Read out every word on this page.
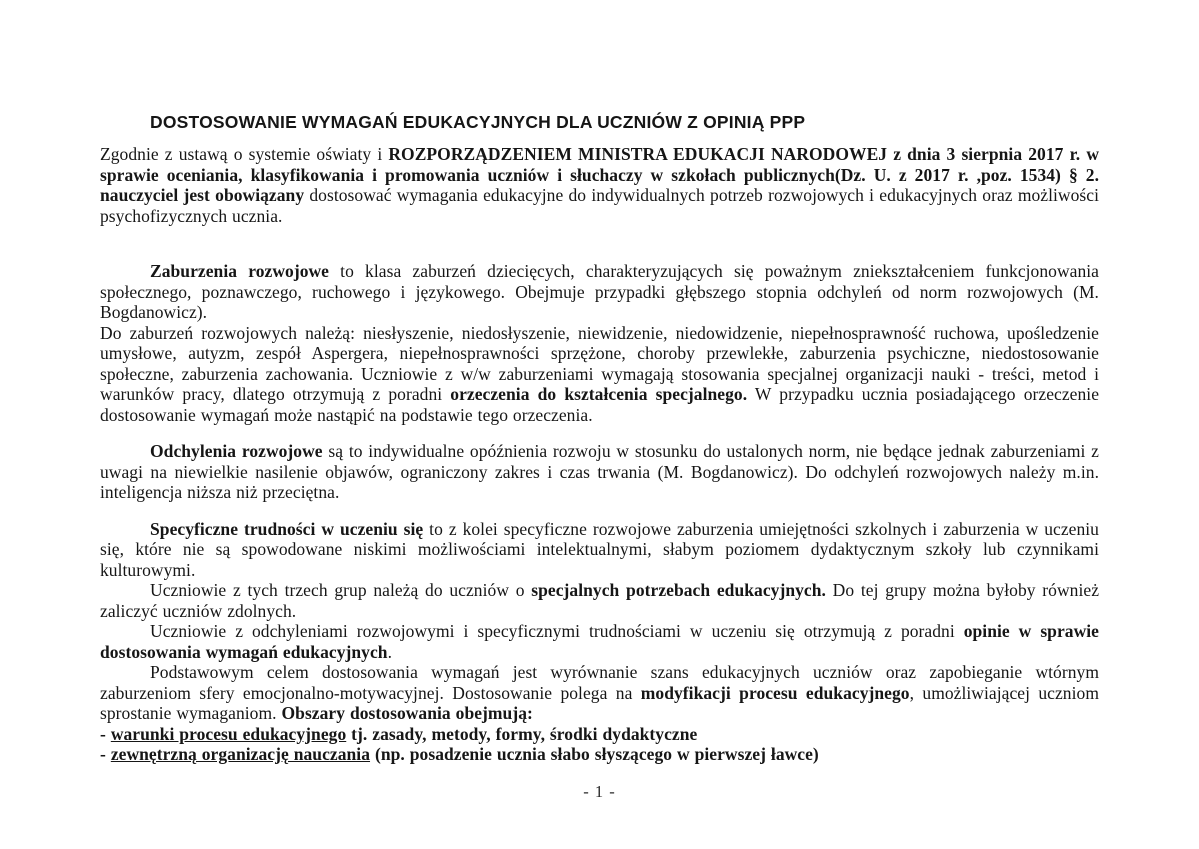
DOSTOSOWANIE WYMAGAŃ EDUKACYJNYCH DLA UCZNIÓW Z OPINIĄ PPP

Zgodnie z ustawą o systemie oświaty i ROZPORZĄDZENIEM MINISTRA EDUKACJI NARODOWEJ z dnia 3 sierpnia 2017 r. w sprawie oceniania, klasyfikowania i promowania uczniów i słuchaczy w szkołach publicznych(Dz. U. z 2017 r. ,poz. 1534) § 2. nauczyciel jest obowiązany dostosować wymagania edukacyjne do indywidualnych potrzeb rozwojowych i edukacyjnych oraz możliwości psychofizycznych ucznia.

Zaburzenia rozwojowe to klasa zaburzeń dziecięcych, charakteryzujących się poważnym zniekształceniem funkcjonowania społecznego, poznawczego, ruchowego i językowego. Obejmuje przypadki głębszego stopnia odchyleń od norm rozwojowych (M. Bogdanowicz).

Do zaburzeń rozwojowych należą: niesłyszenie, niedosłyszenie, niewidzenie, niedowidzenie, niepełnosprawność ruchowa, upośledzenie umysłowe, autyzm, zespół Aspergera, niepełnosprawności sprzężone, choroby przewlekłe, zaburzenia psychiczne, niedostosowanie społeczne, zaburzenia zachowania. Uczniowie z w/w zaburzeniami wymagają stosowania specjalnej organizacji nauki - treści, metod i warunków pracy, dlatego otrzymują z poradni orzeczenia do kształcenia specjalnego. W przypadku ucznia posiadającego orzeczenie dostosowanie wymagań może nastąpić na podstawie tego orzeczenia.

Odchylenia rozwojowe są to indywidualne opóźnienia rozwoju w stosunku do ustalonych norm, nie będące jednak zaburzeniami z uwagi na niewielkie nasilenie objawów, ograniczony zakres i czas trwania (M. Bogdanowicz). Do odchyleń rozwojowych należy m.in. inteligencja niższa niż przeciętna.

Specyficzne trudności w uczeniu się to z kolei specyficzne rozwojowe zaburzenia umiejętności szkolnych i zaburzenia w uczeniu się, które nie są spowodowane niskimi możliwościami intelektualnymi, słabym poziomem dydaktycznym szkoły lub czynnikami kulturowymi.

Uczniowie z tych trzech grup należą do uczniów o specjalnych potrzebach edukacyjnych. Do tej grupy można byłoby również zaliczyć uczniów zdolnych.

Uczniowie z odchyleniami rozwojowymi i specyficznymi trudnościami w uczeniu się otrzymują z poradni opinie w sprawie dostosowania wymagań edukacyjnych.

Podstawowym celem dostosowania wymagań jest wyrównanie szans edukacyjnych uczniów oraz zapobieganie wtórnym zaburzeniom sfery emocjonalno-motywacyjnej. Dostosowanie polega na modyfikacji procesu edukacyjnego, umożliwiającej uczniom sprostanie wymaganiom. Obszary dostosowania obejmują:

- warunki procesu edukacyjnego tj. zasady, metody, formy, środki dydaktyczne

- zewnętrzną organizację nauczania (np. posadzenie ucznia słabo słyszącego w pierwszej ławce)

- 1 -
